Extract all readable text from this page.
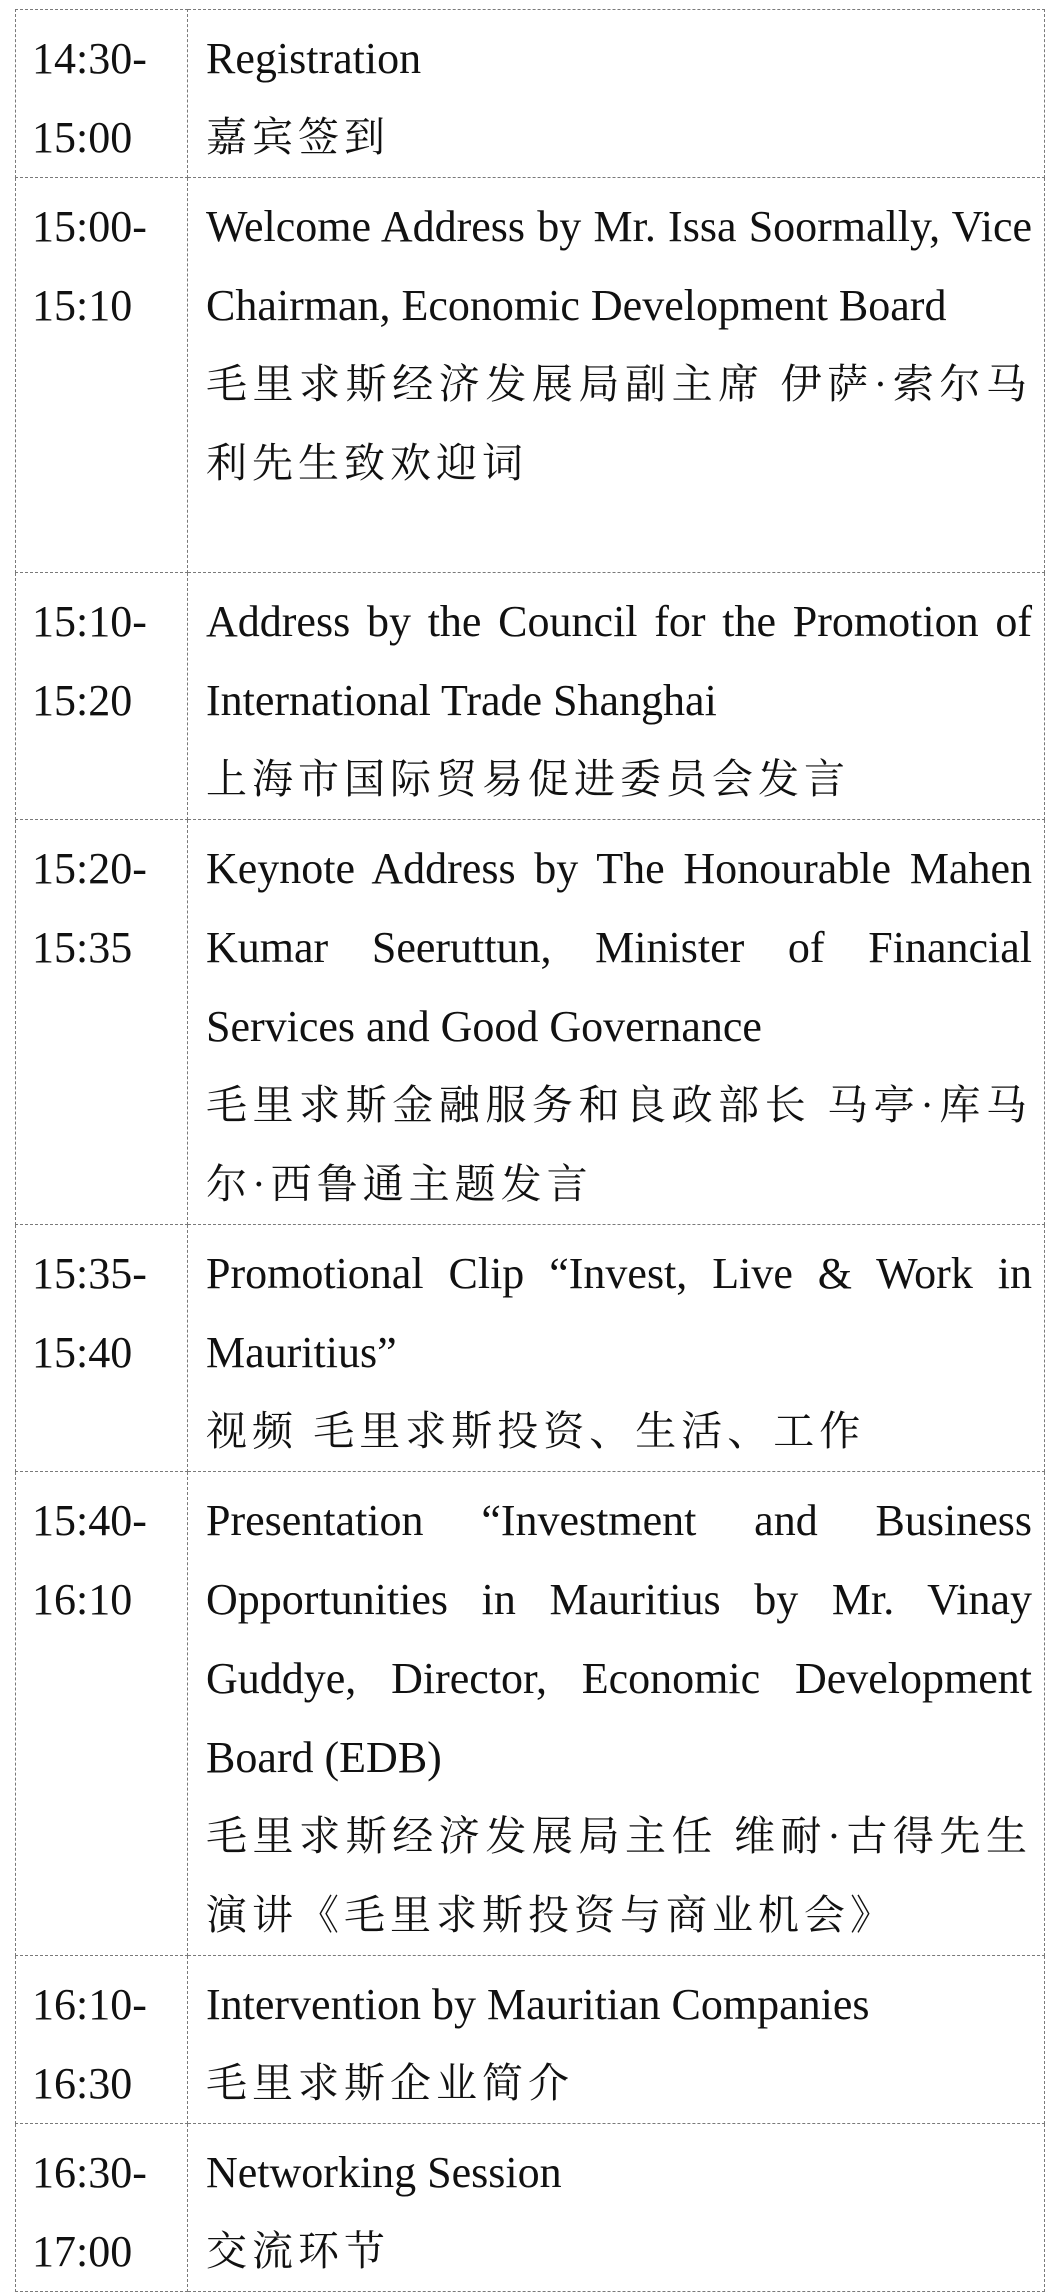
14:30-
15:00	Registration
嘉宾签到

15:00-
15:10	Welcome Address by Mr. Issa Soormally, Vice Chairman, Economic Development Board
毛里求斯经济发展局副主席 伊萨·索尔马利先生致欢迎词

15:10-
15:20	Address by the Council for the Promotion of International Trade Shanghai
上海市国际贸易促进委员会发言

15:20-
15:35	Keynote Address by The Honourable Mahen Kumar Seeruttun, Minister of Financial Services and Good Governance
毛里求斯金融服务和良政部长 马亭·库马尔·西鲁通主题发言

15:35-
15:40	Promotional Clip “Invest, Live & Work in Mauritius”
视频 毛里求斯投资、生活、工作

15:40-
16:10	Presentation “Investment and Business Opportunities in Mauritius by Mr. Vinay Guddye, Director, Economic Development Board (EDB)
毛里求斯经济发展局主任 维耐·古得先生演讲《毛里求斯投资与商业机会》

16:10-
16:30	Intervention by Mauritian Companies
毛里求斯企业简介

16:30-
17:00	Networking Session
交流环节
